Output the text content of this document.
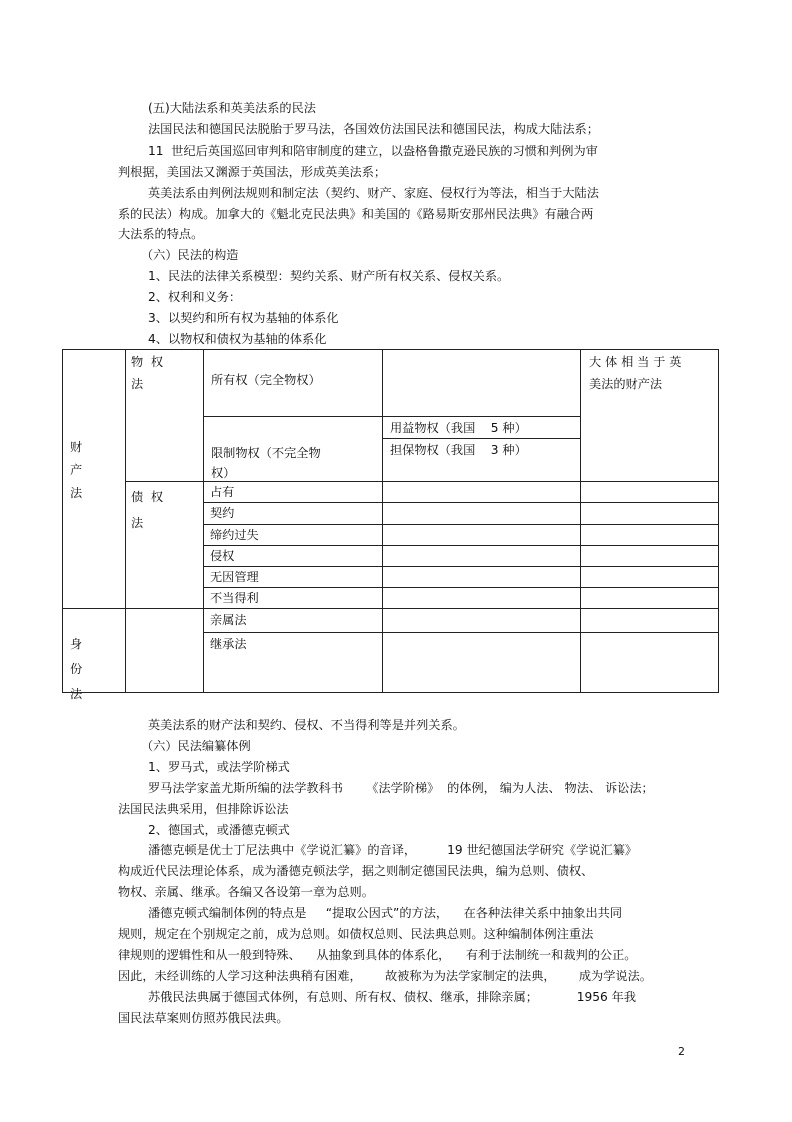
(五)大陆法系和英美法系的民法
法国民法和德国民法脱胎于罗马法，各国效仿法国民法和德国民法，构成大陆法系；
11  世纪后英国巡回审判和陪审制度的建立，以盎格鲁撒克逊民族的习惯和判例为审
判根据，美国法又渊源于英国法，形成英美法系；
英美法系由判例法规则和制定法（契约、财产、家庭、侵权行为等法，相当于大陆法
系的民法）构成。加拿大的《魁北克民法典》和美国的《路易斯安那州民法典》有融合两
大法系的特点。
（六）民法的构造
1、民法的法律关系模型：契约关系、财产所有权关系、侵权关系。
2、权利和义务：
3、以契约和所有权为基轴的体系化
4、以物权和债权为基轴的体系化
财
产
法
身
份
法
物  权
法
债  权
法
所有权（完全物权）
限制物权（不完全物
权）
用益物权（我国    5 种）
担保物权（我国    3 种）
大 体 相 当 于 英
美法的财产法
占有
契约
缔约过失
侵权
无因管理
不当得利
亲属法
继承法
英美法系的财产法和契约、侵权、不当得利等是并列关系。
（六）民法编纂体例
1、罗马式，或法学阶梯式
罗马法学家盖尤斯所编的法学教科书      《法学阶梯》  的体例， 编为人法、 物法、 诉讼法；
法国民法典采用，但排除诉讼法
2、德国式，或潘德克顿式
潘德克顿是优士丁尼法典中《学说汇纂》的音译，        19 世纪德国法学研究《学说汇纂》
构成近代民法理论体系，成为潘德克顿法学，据之则制定德国民法典，编为总则、债权、
物权、亲属、继承。各编又各设第一章为总则。
潘德克顿式编制体例的特点是     “提取公因式”的方法，    在各种法律关系中抽象出共同
规则，规定在个别规定之前，成为总则。如债权总则、民法典总则。这种编制体例注重法
律规则的逻辑性和从一般到特殊、    从抽象到具体的体系化，    有利于法制统一和裁判的公正。
因此，未经训练的人学习这种法典稍有困难，      故被称为为法学家制定的法典，      成为学说法。
苏俄民法典属于德国式体例，有总则、所有权、债权、继承，排除亲属；          1956 年我
国民法草案则仿照苏俄民法典。
2
